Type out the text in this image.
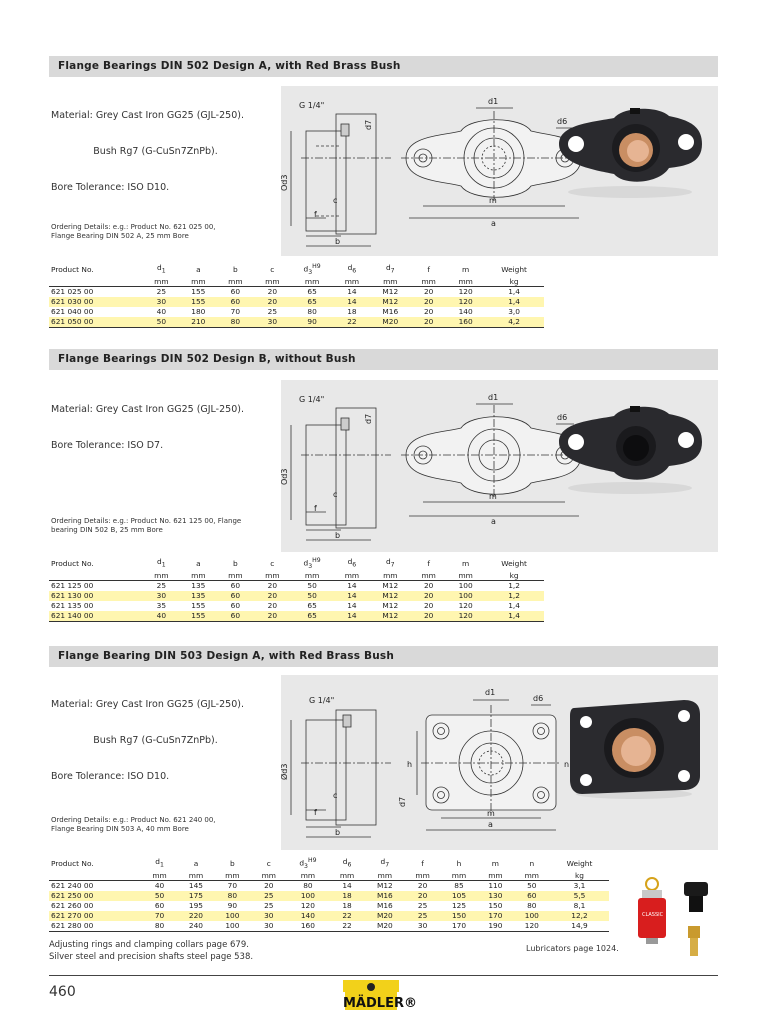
Flange Bearings DIN 502 Design A, with Red Brass Bush

Material: Grey Cast Iron GG25 (GJL-250).

Bush Rg7 (G-CuSn7ZnPb).

Bore Tolerance: ISO D10.

Ordering Details: e.g.: Product No. 621 025 00,
Flange Bearing DIN 502 A, 25 mm Bore
G 1/4"
Od3
d7
c
f
b
d1
d6
m
a
Product No.	$d_1$	a	b	c	$d_3^{H9}$	$d_6$	$d_7$	f	m	Weight
	mm	mm	mm	mm	mm	mm	mm	mm	mm	kg
621 025 00	25	155	60	20	65	14	M12	20	120	1,4
621 030 00	30	155	60	20	65	14	M12	20	120	1,4
621 040 00	40	180	70	25	80	18	M16	20	140	3,0
621 050 00	50	210	80	30	90	22	M20	20	160	4,2
Flange Bearings DIN 502 Design B, without Bush

Material: Grey Cast Iron GG25 (GJL-250).

Bore Tolerance: ISO D7.

Ordering Details: e.g.: Product No. 621 125 00, Flange
bearing DIN 502 B, 25 mm Bore
G 1/4"
Od3
d7
c
f
b
d1
d6
m
a
Product No.	$d_1$	a	b	c	$d_3^{H9}$	$d_6$	$d_7$	f	m	Weight
	mm	mm	mm	mm	mm	mm	mm	mm	mm	kg
621 125 00	25	135	60	20	50	14	M12	20	100	1,2
621 130 00	30	135	60	20	50	14	M12	20	100	1,2
621 135 00	35	155	60	20	65	14	M12	20	120	1,4
621 140 00	40	155	60	20	65	14	M12	20	120	1,4
Flange Bearing DIN 503 Design A, with Red Brass Bush

Material: Grey Cast Iron GG25 (GJL-250).

Bush Rg7 (G-CuSn7ZnPb).

Bore Tolerance: ISO D10.

Ordering Details: e.g.: Product No. 621 240 00,
Flange Bearing DIN 503 A, 40 mm Bore
G 1/4"
Ød3
d7
c
f
b
d1
d6
h	n
m
a
Product No.	$d_1$	a	b	c	$d_3^{H9}$	$d_6$	$d_7$	f	h	m	n	Weight
	mm	mm	mm	mm	mm	mm	mm	mm	mm	mm	mm	kg
621 240 00	40	145	70	20	80	14	M12	20	85	110	50	3,1
621 250 00	50	175	80	25	100	18	M16	20	105	130	60	5,5
621 260 00	60	195	90	25	120	18	M16	25	125	150	80	8,1
621 270 00	70	220	100	30	140	22	M20	25	150	170	100	12,2
621 280 00	80	240	100	30	160	22	M20	30	170	190	120	14,9
CLASSIC
Adjusting rings and clamping collars page 679.
Silver steel and precision shafts steel page 538.
Lubricators page 1024.
460
MÄDLER®
